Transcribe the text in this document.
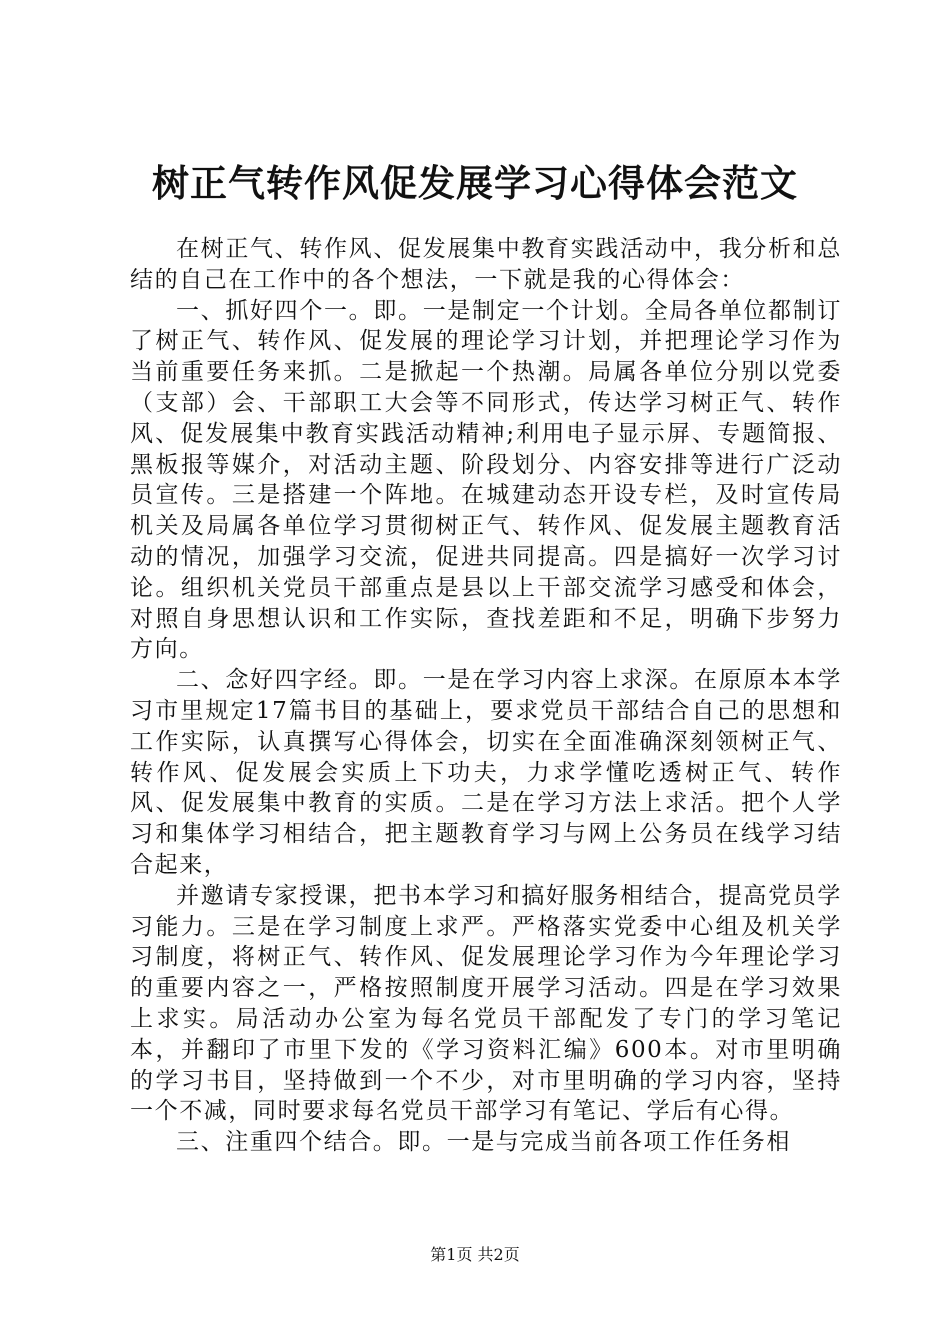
树正气转作风促发展学习心得体会范文

在树正气、转作风、促发展集中教育实践活动中，我分析和总结的自己在工作中的各个想法，一下就是我的心得体会：

一、抓好四个一。即。一是制定一个计划。全局各单位都制订了树正气、转作风、促发展的理论学习计划，并把理论学习作为当前重要任务来抓。二是掀起一个热潮。局属各单位分别以党委（支部）会、干部职工大会等不同形式，传达学习树正气、转作风、促发展集中教育实践活动精神;利用电子显示屏、专题简报、黑板报等媒介，对活动主题、阶段划分、内容安排等进行广泛动员宣传。三是搭建一个阵地。在城建动态开设专栏，及时宣传局机关及局属各单位学习贯彻树正气、转作风、促发展主题教育活动的情况，加强学习交流，促进共同提高。四是搞好一次学习讨论。组织机关党员干部重点是县以上干部交流学习感受和体会，对照自身思想认识和工作实际，查找差距和不足，明确下步努力方向。

二、念好四字经。即。一是在学习内容上求深。在原原本本学习市里规定17篇书目的基础上，要求党员干部结合自己的思想和工作实际，认真撰写心得体会，切实在全面准确深刻领树正气、转作风、促发展会实质上下功夫，力求学懂吃透树正气、转作风、促发展集中教育的实质。二是在学习方法上求活。把个人学习和集体学习相结合，把主题教育学习与网上公务员在线学习结合起来，

并邀请专家授课，把书本学习和搞好服务相结合，提高党员学习能力。三是在学习制度上求严。严格落实党委中心组及机关学习制度，将树正气、转作风、促发展理论学习作为今年理论学习的重要内容之一，严格按照制度开展学习活动。四是在学习效果上求实。局活动办公室为每名党员干部配发了专门的学习笔记本，并翻印了市里下发的《学习资料汇编》600本。对市里明确的学习书目，坚持做到一个不少，对市里明确的学习内容，坚持一个不减，同时要求每名党员干部学习有笔记、学后有心得。

三、注重四个结合。即。一是与完成当前各项工作任务相

第1页 共2页
